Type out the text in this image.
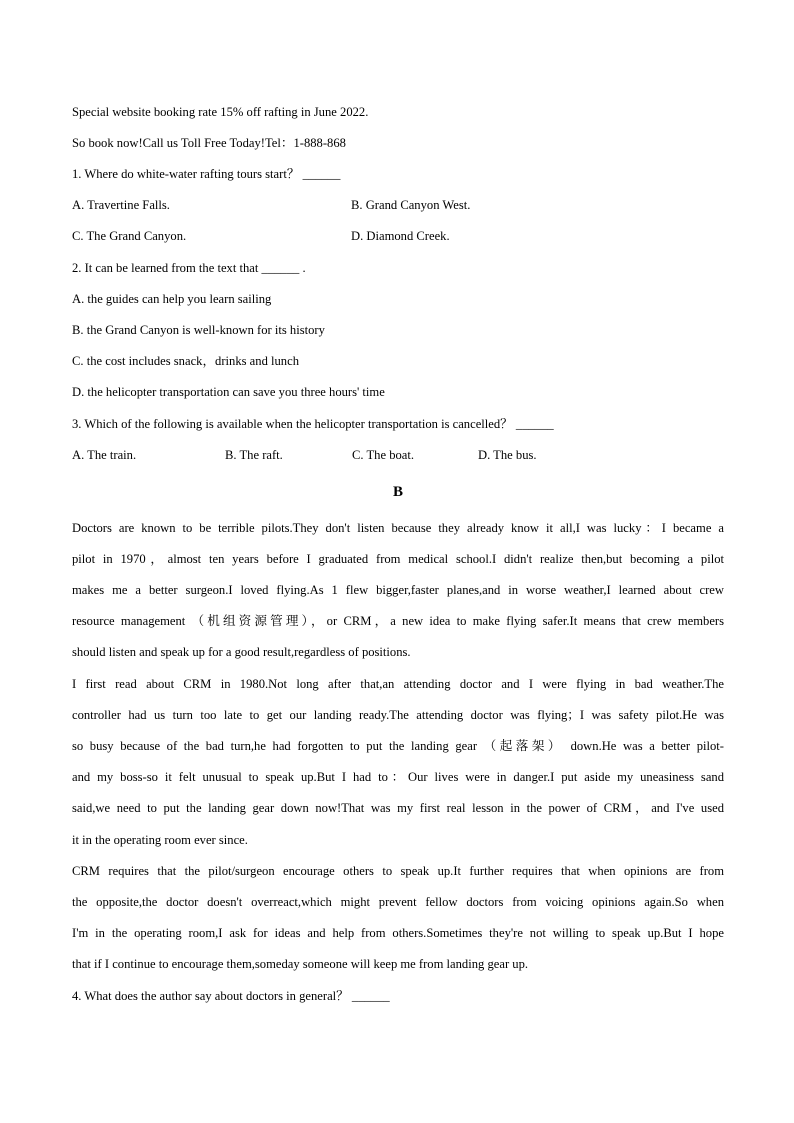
Special website booking rate 15% off rafting in June 2022.
So book now!Call us Toll Free Today!Tel：1-888-868
1. Where do white-water rafting tours start？ ______
A. Travertine Falls.	B. Grand Canyon West.
C. The Grand Canyon.	D. Diamond Creek.
2. It can be learned from the text that ______ .
A. the guides can help you learn sailing
B. the Grand Canyon is well-known for its history
C. the cost includes snack，drinks and lunch
D. the helicopter transportation can save you three hours' time
3. Which of the following is available when the helicopter transportation is cancelled？ ______
A. The train.	B. The raft.	C. The boat.	D. The bus.
B
Doctors are known to be terrible pilots.They don't listen because they already know it all,I was lucky：I became a
pilot in 1970，almost ten years before I graduated from medical school.I didn't realize then,but becoming a pilot
makes me a better surgeon.I loved flying.As 1 flew bigger,faster planes,and in worse weather,I learned about crew
resource management （机组资源管理），or CRM，a new idea to make flying safer.It means that crew members
should listen and speak up for a good result,regardless of positions.
I first read about CRM in 1980.Not long after that,an attending doctor and I were flying in bad weather.The
controller had us turn too late to get our landing ready.The attending doctor was flying；I was safety pilot.He was
so busy because of the bad turn,he had forgotten to put the landing gear （起落架） down.He was a better pilot-
and my boss-so it felt unusual to speak up.But I had to：Our lives were in danger.I put aside my uneasiness sand
said,we need to put the landing gear down now!That was my first real lesson in the power of CRM，and I've used
it in the operating room ever since.
CRM requires that the pilot/surgeon encourage others to speak up.It further requires that when opinions are from
the opposite,the doctor doesn't overreact,which might prevent fellow doctors from voicing opinions again.So when
I'm in the operating room,I ask for ideas and help from others.Sometimes they're not willing to speak up.But I hope
that if I continue to encourage them,someday someone will keep me from landing gear up.
4. What does the author say about doctors in general？ ______
